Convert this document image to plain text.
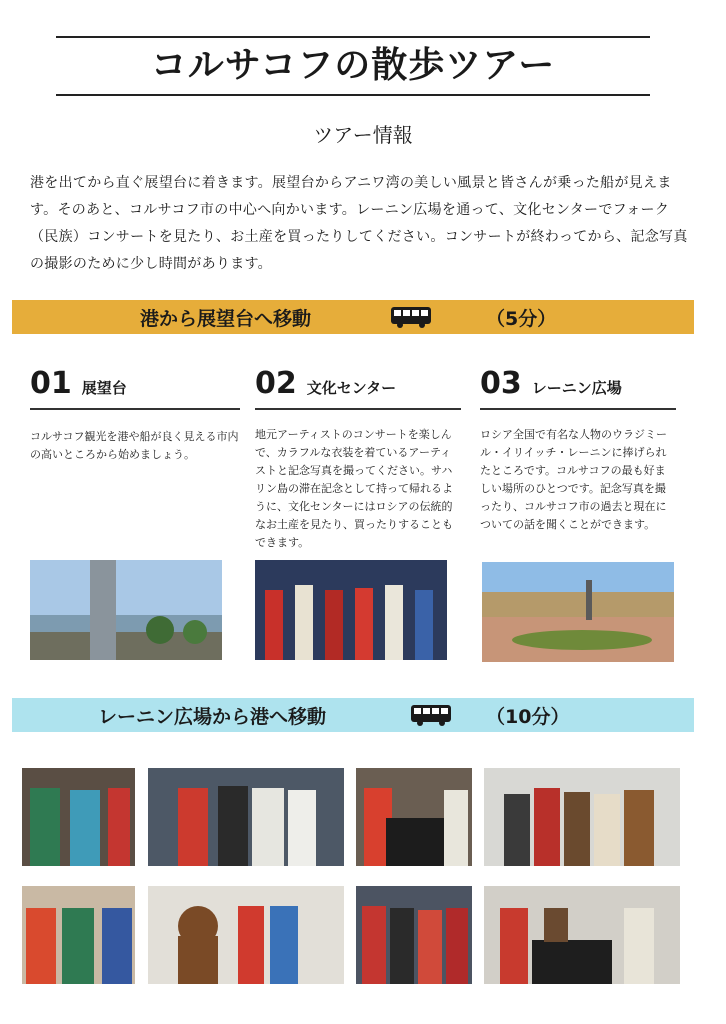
コルサコフの散歩ツアー
ツアー情報
港を出てから直ぐ展望台に着きます。展望台からアニワ湾の美しい風景と皆さんが乗った船が見えます。そのあと、コルサコフ市の中心へ向かいます。レーニン広場を通って、文化センターでフォーク（民族）コンサートを見たり、お土産を買ったりしてください。コンサートが終わってから、記念写真の撮影のために少し時間があります。
港から展望台へ移動	（5分）
01 展望台
コルサコフ観光を港や船が良く見える市内の高いところから始めましょう。
02 文化センター
地元アーティストのコンサートを楽しんで、カラフルな衣装を着ているアーティストと記念写真を撮ってください。サハリン島の滞在記念として持って帰れるように、文化センターにはロシアの伝統的なお土産を見たり、買ったりすることもできます。
03 レーニン広場
ロシア全国で有名な人物のウラジミール・イリイッチ・レーニンに捧げられたところです。コルサコフの最も好ましい場所のひとつです。記念写真を撮ったり、コルサコフ市の過去と現在についての話を聞くことができます。
レーニン広場から港へ移動	（10分）
